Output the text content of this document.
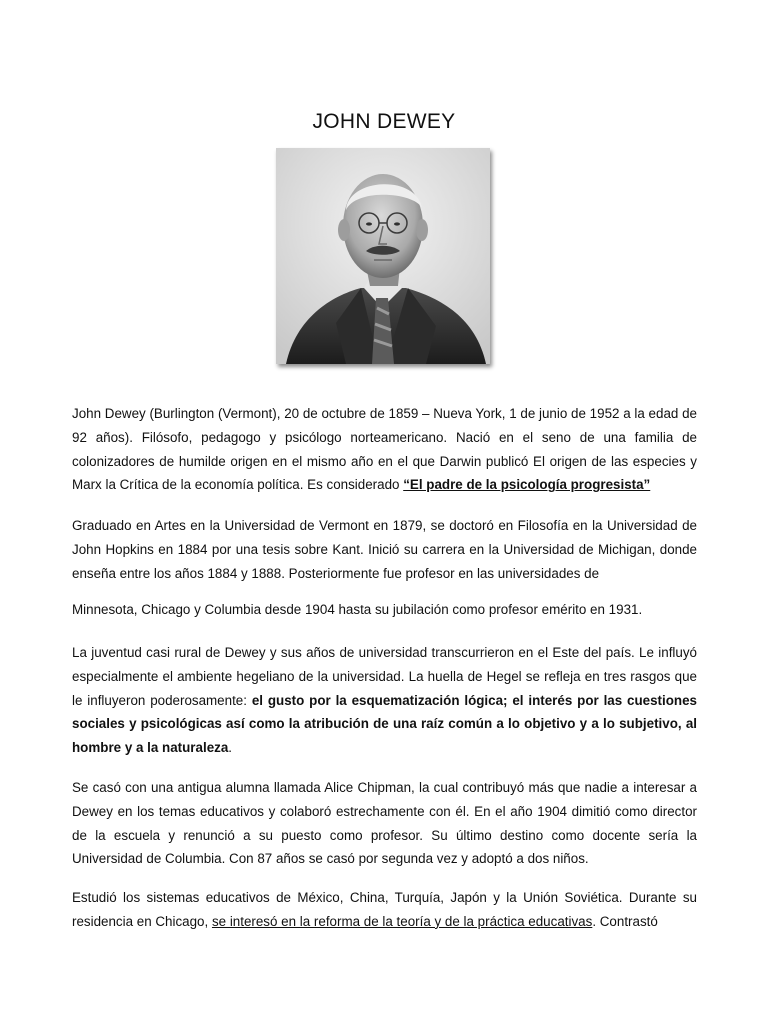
JOHN DEWEY
John Dewey (Burlington (Vermont), 20 de octubre de 1859 – Nueva York, 1 de junio de 1952 a la edad de 92 años). Filósofo, pedagogo y psicólogo norteamericano. Nació en el seno de una familia de colonizadores de humilde origen en el mismo año en el que Darwin publicó El origen de las especies y Marx la Crítica de la economía política. Es considerado “El padre de la psicología progresista”
Graduado en Artes en la Universidad de Vermont en 1879, se doctoró en Filosofía en la Universidad de John Hopkins en 1884 por una tesis sobre Kant. Inició su carrera en la Universidad de Michigan, donde enseña entre los años 1884 y 1888. Posteriormente fue profesor en las universidades de
Minnesota, Chicago y Columbia desde 1904 hasta su jubilación como profesor emérito en 1931.
La juventud casi rural de Dewey y sus años de universidad transcurrieron en el Este del país. Le influyó especialmente el ambiente hegeliano de la universidad. La huella de Hegel se refleja en tres rasgos que le influyeron poderosamente: el gusto por la esquematización lógica; el interés por las cuestiones sociales y psicológicas así como la atribución de una raíz común a lo objetivo y a lo subjetivo, al hombre y a la naturaleza.
Se casó con una antigua alumna llamada Alice Chipman, la cual contribuyó más que nadie a interesar a Dewey en los temas educativos y colaboró estrechamente con él. En el año 1904 dimitió como director de la escuela y renunció a su puesto como profesor. Su último destino como docente sería la Universidad de Columbia. Con 87 años se casó por segunda vez y adoptó a dos niños.
Estudió los sistemas educativos de México, China, Turquía, Japón y la Unión Soviética. Durante su residencia en Chicago, se interesó en la reforma de la teoría y de la práctica educativas. Contrastó
